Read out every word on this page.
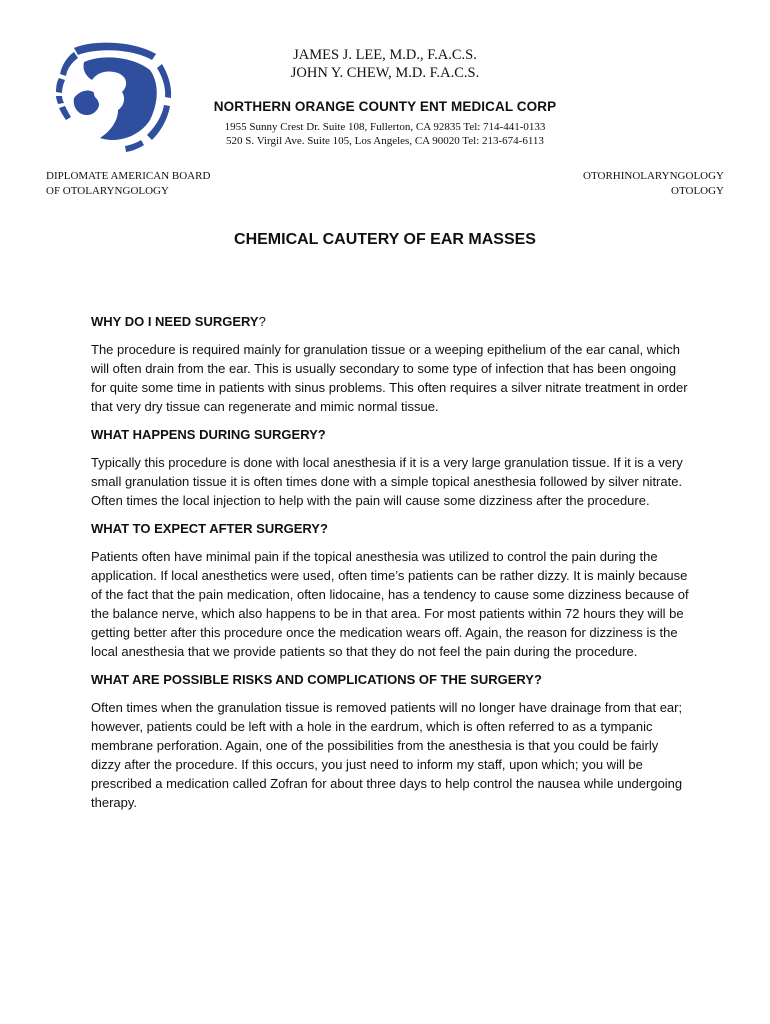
JAMES J. LEE, M.D., F.A.C.S.
JOHN Y. CHEW, M.D. F.A.C.S.
NORTHERN ORANGE COUNTY ENT MEDICAL CORP
1955 Sunny Crest Dr. Suite 108, Fullerton, CA 92835 Tel: 714-441-0133
520 S. Virgil Ave. Suite 105, Los Angeles, CA 90020 Tel: 213-674-6113
DIPLOMATE AMERICAN BOARD
OF OTOLARYNGOLOGY
OTORHINOLARYNGOLOGY
OTOLOGY
CHEMICAL CAUTERY OF EAR MASSES
WHY DO I NEED SURGERY?

The procedure is required mainly for granulation tissue or a weeping epithelium of the ear canal, which will often drain from the ear. This is usually secondary to some type of infection that has been ongoing for quite some time in patients with sinus problems. This often requires a silver nitrate treatment in order that very dry tissue can regenerate and mimic normal tissue.

WHAT HAPPENS DURING SURGERY?

Typically this procedure is done with local anesthesia if it is a very large granulation tissue. If it is a very small granulation tissue it is often times done with a simple topical anesthesia followed by silver nitrate. Often times the local injection to help with the pain will cause some dizziness after the procedure.

WHAT TO EXPECT AFTER SURGERY?

Patients often have minimal pain if the topical anesthesia was utilized to control the pain during the application. If local anesthetics were used, often time’s patients can be rather dizzy. It is mainly because of the fact that the pain medication, often lidocaine, has a tendency to cause some dizziness because of the balance nerve, which also happens to be in that area. For most patients within 72 hours they will be getting better after this procedure once the medication wears off. Again, the reason for dizziness is the local anesthesia that we provide patients so that they do not feel the pain during the procedure.

WHAT ARE POSSIBLE RISKS AND COMPLICATIONS OF THE SURGERY?

Often times when the granulation tissue is removed patients will no longer have drainage from that ear; however, patients could be left with a hole in the eardrum, which is often referred to as a tympanic membrane perforation. Again, one of the possibilities from the anesthesia is that you could be fairly dizzy after the procedure. If this occurs, you just need to inform my staff, upon which; you will be prescribed a medication called Zofran for about three days to help control the nausea while undergoing therapy.
